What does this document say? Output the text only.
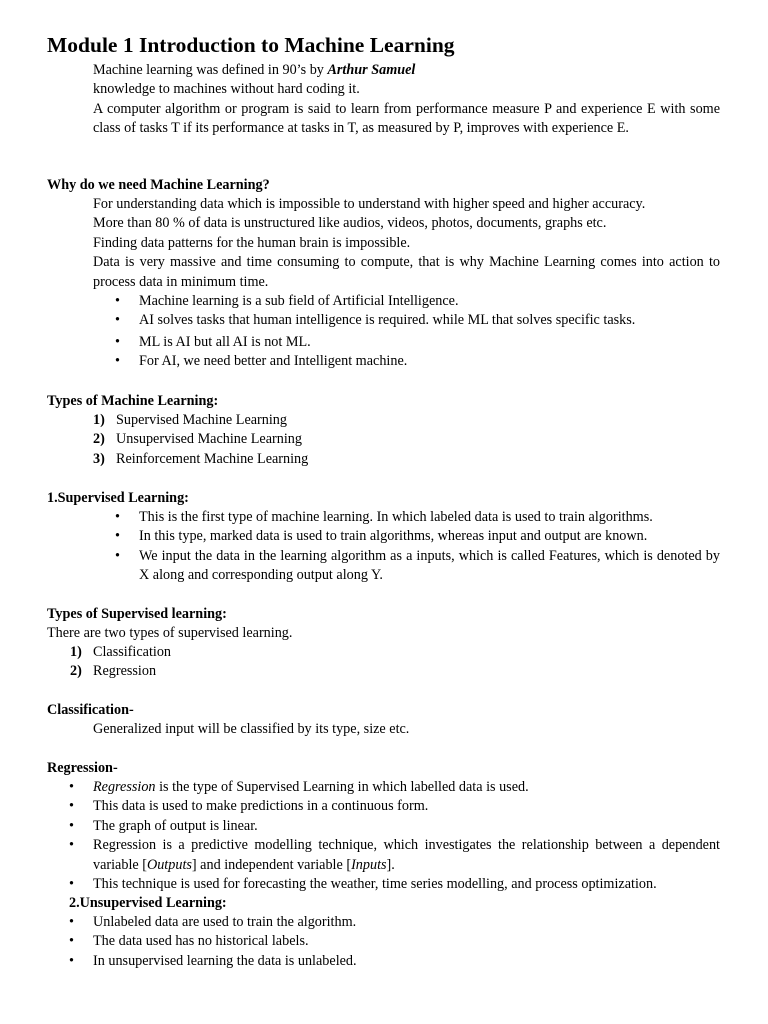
Module 1 Introduction to Machine Learning

Machine learning was defined in 90’s by Arthur Samuel

knowledge to machines without hard coding it.

A computer algorithm or program is said to learn from performance measure P and experience E with some class of tasks T if its performance at tasks in T, as measured by P, improves with experience E.

Why do we need Machine Learning?

For understanding data which is impossible to understand with higher speed and higher accuracy.

More than 80 % of data is unstructured like audios, videos, photos, documents, graphs etc.

Finding data patterns for the human brain is impossible.

Data is very massive and time consuming to compute, that is why Machine Learning comes into action to process data in minimum time.

•	Machine learning is a sub field of Artificial Intelligence.
•	AI solves tasks that human intelligence is required. while ML that solves specific tasks.
•	ML is AI but all AI is not ML.
•	For AI, we need better and Intelligent machine.

Types of Machine Learning:

1) Supervised Machine Learning
2) Unsupervised Machine Learning
3) Reinforcement Machine Learning

1.Supervised Learning:

•	This is the first type of machine learning. In which labeled data is used to train algorithms.
•	In this type, marked data is used to train algorithms, whereas input and output are known.
•	We input the data in the learning algorithm as a inputs, which is called Features, which is denoted by X along and corresponding output along Y.

Types of Supervised learning:

There are two types of supervised learning.

1) Classification
2) Regression

Classification-

Generalized input will be classified by its type, size etc.

Regression-

•	Regression is the type of Supervised Learning in which labelled data is used.
•	This data is used to make predictions in a continuous form.
•	The graph of output is linear.
•	Regression is a predictive modelling technique, which investigates the relationship between a dependent variable [Outputs] and independent variable [Inputs].
•	This technique is used for forecasting the weather, time series modelling, and process optimization.

2.Unsupervised Learning:

•	Unlabeled data are used to train the algorithm.
•	The data used has no historical labels.
•	In unsupervised learning the data is unlabeled.
